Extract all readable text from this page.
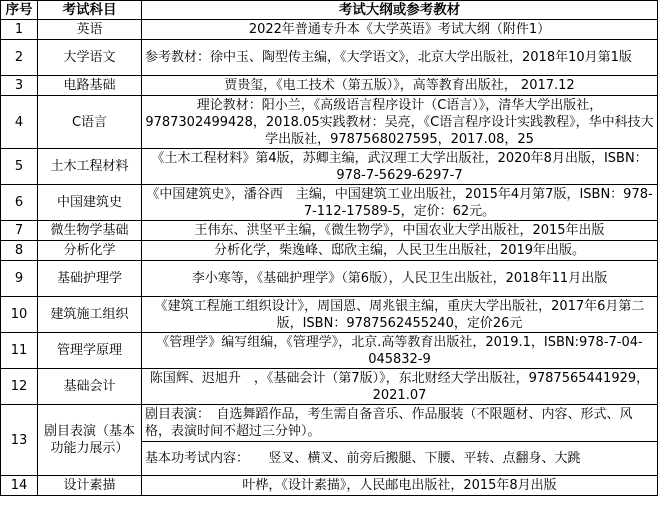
序号	考试科目	考试大纲或参考教材
1	英语	2022年普通专升本《大学英语》考试大纲（附件1）
2	大学语文	参考教材：徐中玉、陶型传主编，《大学语文》，北京大学出版社，2018年10月第1版
3	电路基础	贾贵玺，《电工技术（第五版）》，高等教育出版社， 2017.12
4	C语言	理论教材：阳小兰，《高级语言程序设计（C语言）》，清华大学出版社，9787302499428，2018.05实践教材：吴亮，《C语言程序设计实践教程》，华中科技大学出版社，9787568027595，2017.08，25
5	土木工程材料	《土木工程材料》第4版，苏卿主编，武汉理工大学出版社，2020年8月出版，ISBN：978-7-5629-6297-7
6	中国建筑史	《中国建筑史》，潘谷西　主编，中国建筑工业出版社，2015年4月第7版，ISBN：978-7-112-17589-5，定价：62元。
7	微生物学基础	王伟东、洪坚平主编，《微生物学》，中国农业大学出版社，2015年出版
8	分析化学	分析化学，柴逸峰、邸欣主编，人民卫生出版社，2019年出版。
9	基础护理学	李小寒等，《基础护理学》（第6版），人民卫生出版社，2018年11月出版
10	建筑施工组织	《建筑工程施工组织设计》，周国恩、周兆银主编，重庆大学出版社，2017年6月第二版，ISBN：9787562455240，定价26元
11	管理学原理	《管理学》编写组编，《管理学》，北京.高等教育出版社，2019.1，ISBN:978-7-04-045832-9
12	基础会计	陈国辉、迟旭升　，《基础会计（第7版）》，东北财经大学出版社，9787565441929，2021.07
13	剧目表演（基本功能力展示）	剧目表演：　自选舞蹈作品，考生需自备音乐、作品服装（不限题材、内容、形式、风格，表演时间不超过三分钟）。
		基本功考试内容：　　竖叉、横叉、前旁后搬腿、下腰、平转、点翻身、大跳
14	设计素描	叶桦，《设计素描》，人民邮电出版社，2015年8月出版
